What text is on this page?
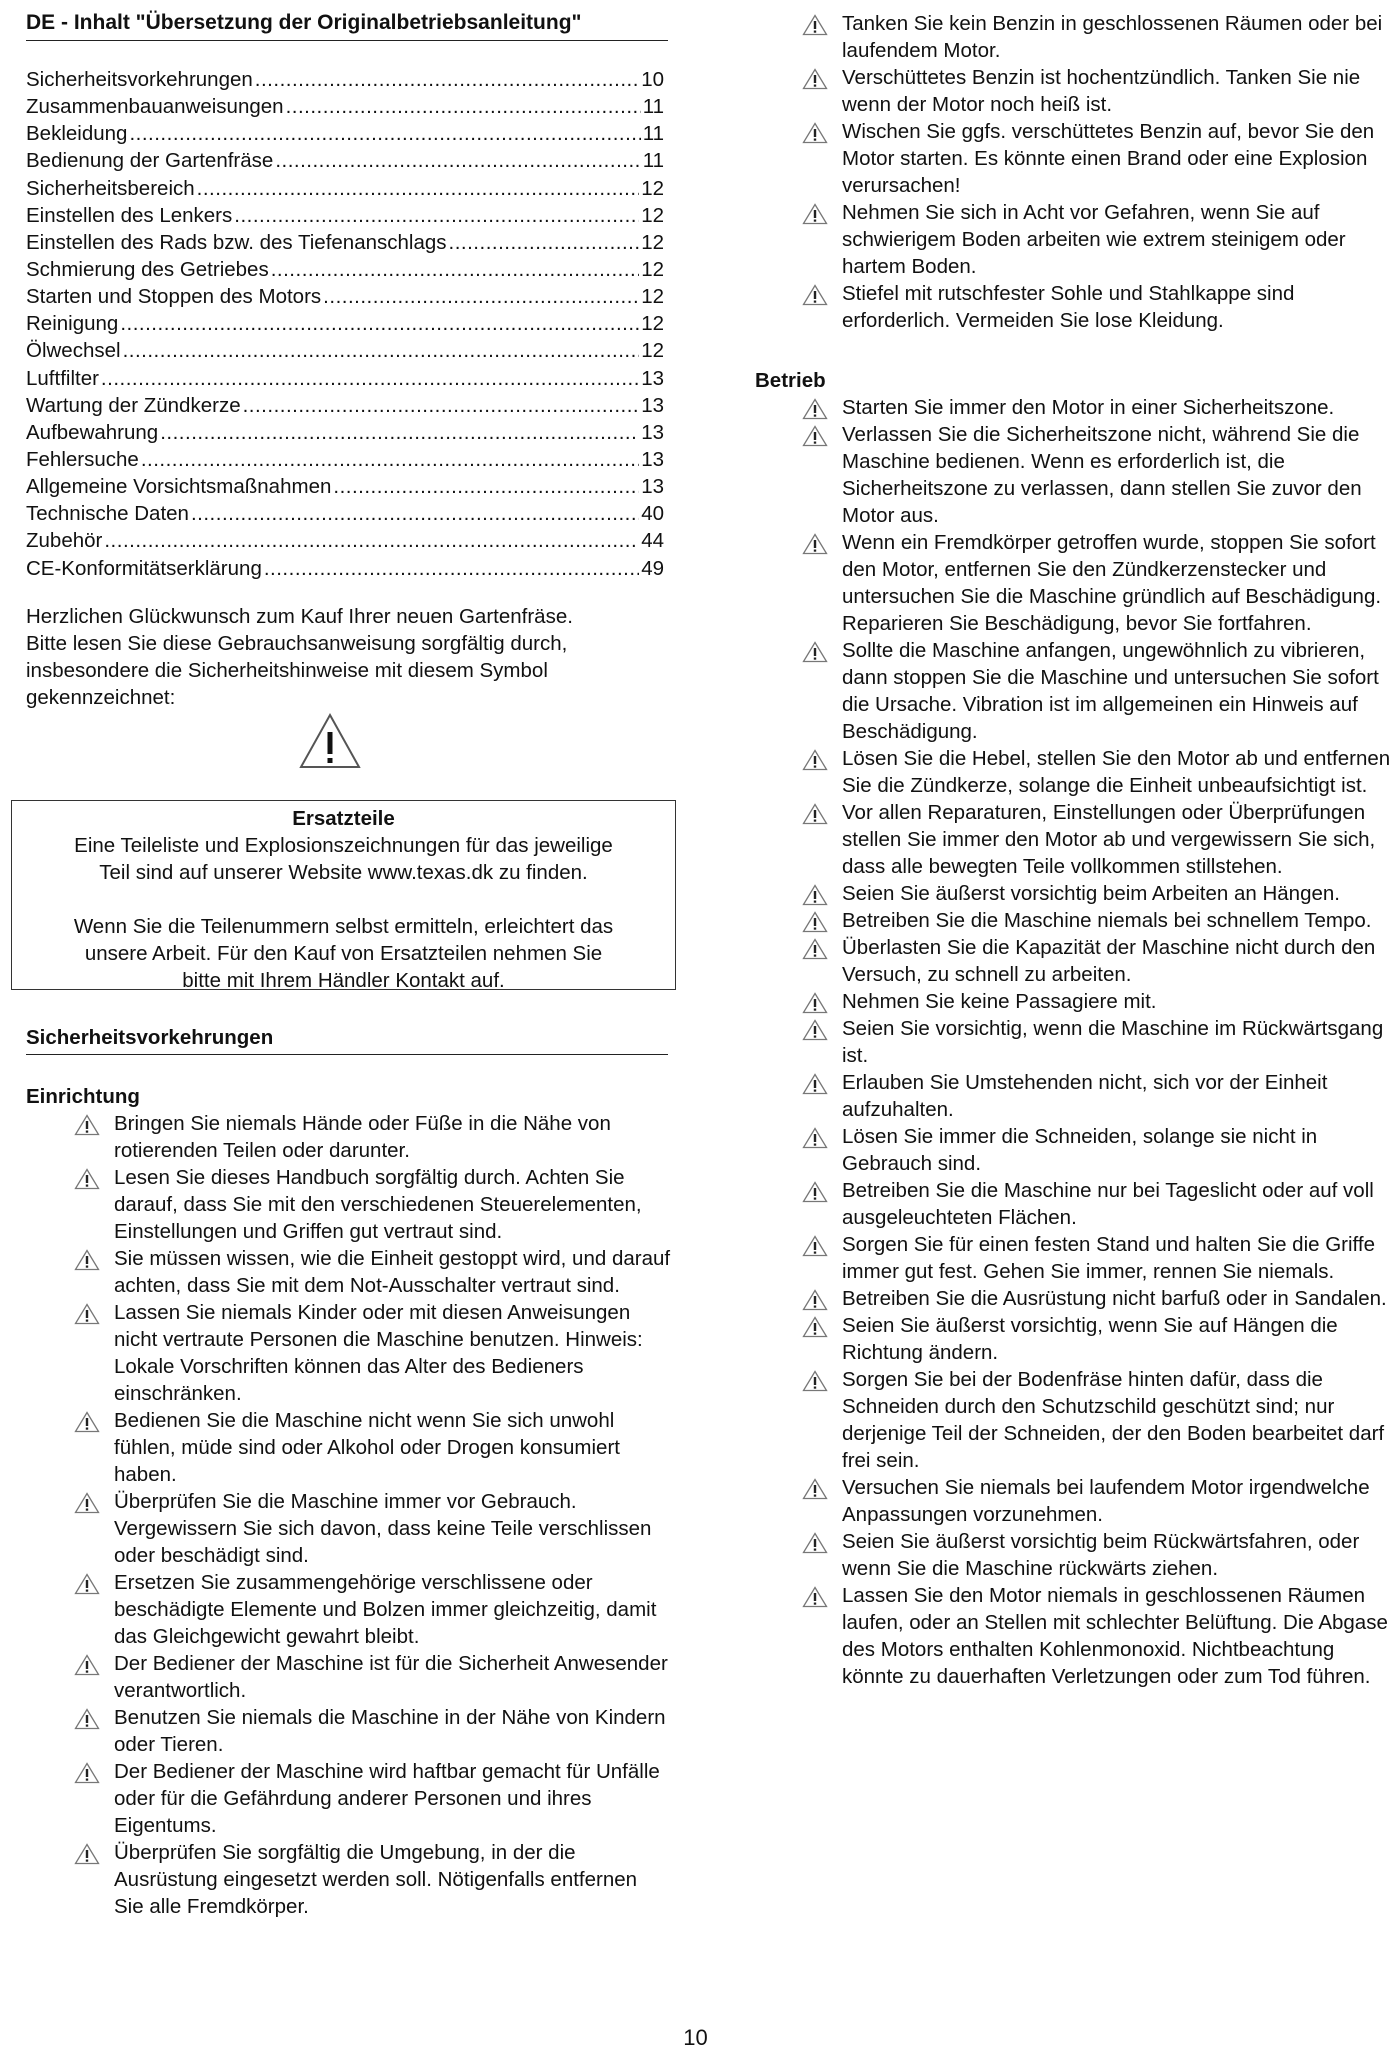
DE - Inhalt "Übersetzung der Originalbetriebsanleitung"
Sicherheitsvorkehrungen .....	10
Zusammenbauanweisungen .....	11
Bekleidung .....	11
Bedienung der Gartenfräse .....	11
Sicherheitsbereich .....	12
Einstellen des Lenkers .....	12
Einstellen des Rads bzw. des Tiefenanschlags .....	12
Schmierung des Getriebes .....	12
Starten und Stoppen des Motors .....	12
Reinigung .....	12
Ölwechsel .....	12
Luftfilter .....	13
Wartung der Zündkerze .....	13
Aufbewahrung .....	13
Fehlersuche .....	13
Allgemeine Vorsichtsmaßnahmen .....	13
Technische Daten .....	40
Zubehör .....	44
CE-Konformitätserklärung .....	49

Herzlichen Glückwunsch zum Kauf Ihrer neuen Gartenfräse.

Bitte lesen Sie diese Gebrauchsanweisung sorgfältig durch,

insbesondere die Sicherheitshinweise mit diesem Symbol

gekennzeichnet:

Ersatzteile

Eine Teileliste und Explosionszeichnungen für das jeweilige

Teil sind auf unserer Website www.texas.dk zu finden.

Wenn Sie die Teilenummern selbst ermitteln, erleichtert das

unsere Arbeit. Für den Kauf von Ersatzteilen nehmen Sie

bitte mit Ihrem Händler Kontakt auf.

Sicherheitsvorkehrungen
Einrichtung
Bringen Sie niemals Hände oder Füße in die Nähe von rotierenden Teilen oder darunter.
Lesen Sie dieses Handbuch sorgfältig durch. Achten Sie darauf, dass Sie mit den verschiedenen Steuerelementen, Einstellungen und Griffen gut vertraut sind.
Sie müssen wissen, wie die Einheit gestoppt wird, und darauf achten, dass Sie mit dem Not-Ausschalter vertraut sind.
Lassen Sie niemals Kinder oder mit diesen Anweisungen nicht vertraute Personen die Maschine benutzen. Hinweis: Lokale Vorschriften können das Alter des Bedieners einschränken.
Bedienen Sie die Maschine nicht wenn Sie sich unwohl fühlen, müde sind oder Alkohol oder Drogen konsumiert haben.
Überprüfen Sie die Maschine immer vor Gebrauch. Vergewissern Sie sich davon, dass keine Teile verschlissen oder beschädigt sind.
Ersetzen Sie zusammengehörige verschlissene oder beschädigte Elemente und Bolzen immer gleichzeitig, damit das Gleichgewicht gewahrt bleibt.
Der Bediener der Maschine ist für die Sicherheit Anwesender verantwortlich.
Benutzen Sie niemals die Maschine in der Nähe von Kindern oder Tieren.
Der Bediener der Maschine wird haftbar gemacht für Unfälle oder für die Gefährdung anderer Personen und ihres Eigentums.
Überprüfen Sie sorgfältig die Umgebung, in der die Ausrüstung eingesetzt werden soll. Nötigenfalls entfernen Sie alle Fremdkörper.
Tanken Sie kein Benzin in geschlossenen Räumen oder bei laufendem Motor.
Verschüttetes Benzin ist hochentzündlich. Tanken Sie nie wenn der Motor noch heiß ist.
Wischen Sie ggfs. verschüttetes Benzin auf, bevor Sie den Motor starten. Es könnte einen Brand oder eine Explosion verursachen!
Nehmen Sie sich in Acht vor Gefahren, wenn Sie auf schwierigem Boden arbeiten wie extrem steinigem oder hartem Boden.
Stiefel mit rutschfester Sohle und Stahlkappe sind erforderlich. Vermeiden Sie lose Kleidung.
Betrieb
Starten Sie immer den Motor in einer Sicherheitszone.
Verlassen Sie die Sicherheitszone nicht, während Sie die Maschine bedienen. Wenn es erforderlich ist, die Sicherheitszone zu verlassen, dann stellen Sie zuvor den Motor aus.
Wenn ein Fremdkörper getroffen wurde, stoppen Sie sofort den Motor, entfernen Sie den Zündkerzenstecker und untersuchen Sie die Maschine gründlich auf Beschädigung. Reparieren Sie Beschädigung, bevor Sie fortfahren.
Sollte die Maschine anfangen, ungewöhnlich zu vibrieren, dann stoppen Sie die Maschine und untersuchen Sie sofort die Ursache. Vibration ist im allgemeinen ein Hinweis auf Beschädigung.
Lösen Sie die Hebel, stellen Sie den Motor ab und entfernen Sie die Zündkerze, solange die Einheit unbeaufsichtigt ist.
Vor allen Reparaturen, Einstellungen oder Überprüfungen stellen Sie immer den Motor ab und vergewissern Sie sich, dass alle bewegten Teile vollkommen stillstehen.
Seien Sie äußerst vorsichtig beim Arbeiten an Hängen.
Betreiben Sie die Maschine niemals bei schnellem Tempo.
Überlasten Sie die Kapazität der Maschine nicht durch den Versuch, zu schnell zu arbeiten.
Nehmen Sie keine Passagiere mit.
Seien Sie vorsichtig, wenn die Maschine im Rückwärtsgang ist.
Erlauben Sie Umstehenden nicht, sich vor der Einheit aufzuhalten.
Lösen Sie immer die Schneiden, solange sie nicht in Gebrauch sind.
Betreiben Sie die Maschine nur bei Tageslicht oder auf voll ausgeleuchteten Flächen.
Sorgen Sie für einen festen Stand und halten Sie die Griffe immer gut fest. Gehen Sie immer, rennen Sie niemals.
Betreiben Sie die Ausrüstung nicht barfuß oder in Sandalen.
Seien Sie äußerst vorsichtig, wenn Sie auf Hängen die Richtung ändern.
Sorgen Sie bei der Bodenfräse hinten dafür, dass die Schneiden durch den Schutzschild geschützt sind; nur derjenige Teil der Schneiden, der den Boden bearbeitet darf frei sein.
Versuchen Sie niemals bei laufendem Motor irgendwelche Anpassungen vorzunehmen.
Seien Sie äußerst vorsichtig beim Rückwärtsfahren, oder wenn Sie die Maschine rückwärts ziehen.
Lassen Sie den Motor niemals in geschlossenen Räumen laufen, oder an Stellen mit schlechter Belüftung. Die Abgase des Motors enthalten Kohlenmonoxid. Nichtbeachtung könnte zu dauerhaften Verletzungen oder zum Tod führen.
10
